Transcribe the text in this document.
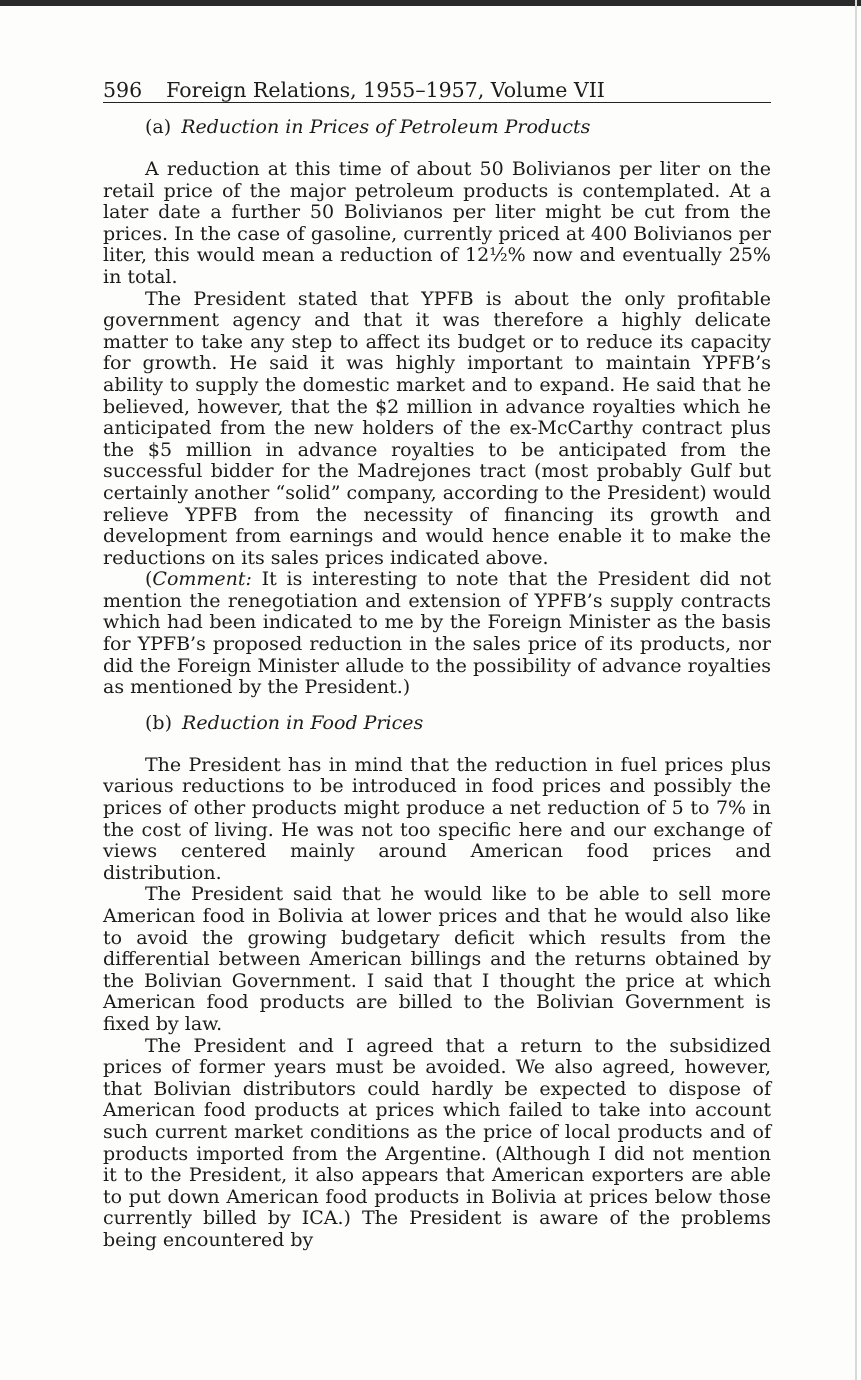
596 Foreign Relations, 1955–1957, Volume VII
(a) Reduction in Prices of Petroleum Products

A reduction at this time of about 50 Bolivianos per liter on the retail price of the major petroleum products is contemplated. At a later date a further 50 Bolivianos per liter might be cut from the prices. In the case of gasoline, currently priced at 400 Bolivianos per liter, this would mean a reduction of 12½% now and eventually 25% in total.

The President stated that YPFB is about the only profitable government agency and that it was therefore a highly delicate matter to take any step to affect its budget or to reduce its capacity for growth. He said it was highly important to maintain YPFB’s ability to supply the domestic market and to expand. He said that he believed, however, that the $2 million in advance royalties which he anticipated from the new holders of the ex-McCarthy contract plus the $5 million in advance royalties to be anticipated from the successful bidder for the Madrejones tract (most probably Gulf but certainly another “solid” company, according to the President) would relieve YPFB from the necessity of financing its growth and development from earnings and would hence enable it to make the reductions on its sales prices indicated above.

(Comment: It is interesting to note that the President did not mention the renegotiation and extension of YPFB’s supply contracts which had been indicated to me by the Foreign Minister as the basis for YPFB’s proposed reduction in the sales price of its products, nor did the Foreign Minister allude to the possibility of advance royalties as mentioned by the President.)

(b) Reduction in Food Prices

The President has in mind that the reduction in fuel prices plus various reductions to be introduced in food prices and possibly the prices of other products might produce a net reduction of 5 to 7% in the cost of living. He was not too specific here and our exchange of views centered mainly around American food prices and distribution.

The President said that he would like to be able to sell more American food in Bolivia at lower prices and that he would also like to avoid the growing budgetary deficit which results from the differential between American billings and the returns obtained by the Bolivian Government. I said that I thought the price at which American food products are billed to the Bolivian Government is fixed by law.

The President and I agreed that a return to the subsidized prices of former years must be avoided. We also agreed, however, that Bolivian distributors could hardly be expected to dispose of American food products at prices which failed to take into account such current market conditions as the price of local products and of products imported from the Argentine. (Although I did not mention it to the President, it also appears that American exporters are able to put down American food products in Bolivia at prices below those currently billed by ICA.) The President is aware of the problems being encountered by
